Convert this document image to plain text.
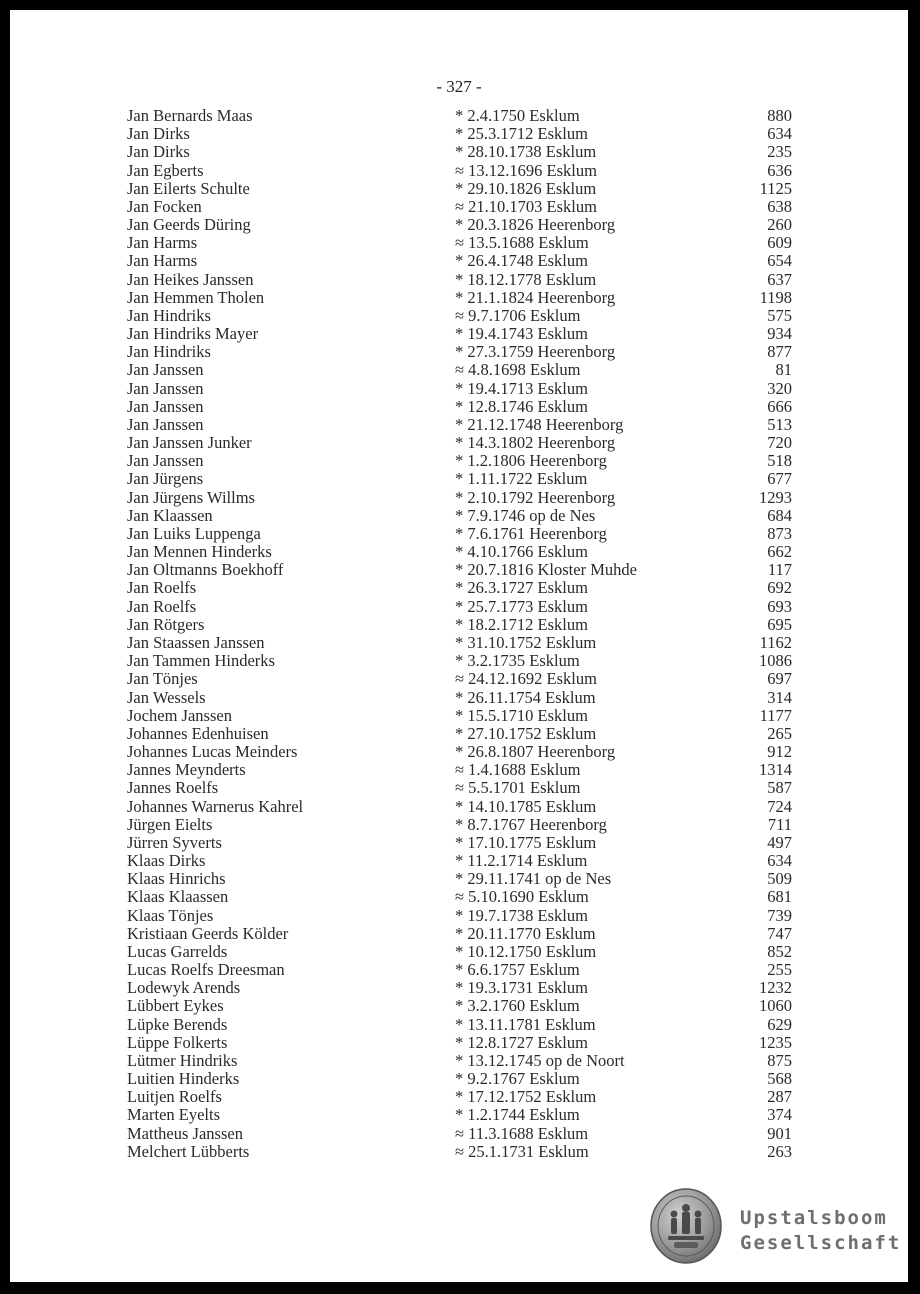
- 327 -
Jan Bernards Maas	* 2.4.1750 Esklum	880
Jan Dirks	* 25.3.1712 Esklum	634
Jan Dirks	* 28.10.1738 Esklum	235
Jan Egberts	≈ 13.12.1696 Esklum	636
Jan Eilerts Schulte	* 29.10.1826 Esklum	1125
Jan Focken	≈ 21.10.1703 Esklum	638
Jan Geerds Düring	* 20.3.1826 Heerenborg	260
Jan Harms	≈ 13.5.1688 Esklum	609
Jan Harms	* 26.4.1748 Esklum	654
Jan Heikes Janssen	* 18.12.1778 Esklum	637
Jan Hemmen Tholen	* 21.1.1824 Heerenborg	1198
Jan Hindriks	≈ 9.7.1706 Esklum	575
Jan Hindriks Mayer	* 19.4.1743 Esklum	934
Jan Hindriks	* 27.3.1759 Heerenborg	877
Jan Janssen	≈ 4.8.1698 Esklum	81
Jan Janssen	* 19.4.1713 Esklum	320
Jan Janssen	* 12.8.1746 Esklum	666
Jan Janssen	* 21.12.1748 Heerenborg	513
Jan Janssen Junker	* 14.3.1802 Heerenborg	720
Jan Janssen	* 1.2.1806 Heerenborg	518
Jan Jürgens	* 1.11.1722 Esklum	677
Jan Jürgens Willms	* 2.10.1792 Heerenborg	1293
Jan Klaassen	* 7.9.1746 op de Nes	684
Jan Luiks Luppenga	* 7.6.1761 Heerenborg	873
Jan Mennen Hinderks	* 4.10.1766 Esklum	662
Jan Oltmanns Boekhoff	* 20.7.1816 Kloster Muhde	117
Jan Roelfs	* 26.3.1727 Esklum	692
Jan Roelfs	* 25.7.1773 Esklum	693
Jan Rötgers	* 18.2.1712 Esklum	695
Jan Staassen Janssen	* 31.10.1752 Esklum	1162
Jan Tammen Hinderks	* 3.2.1735 Esklum	1086
Jan Tönjes	≈ 24.12.1692 Esklum	697
Jan Wessels	* 26.11.1754 Esklum	314
Jochem Janssen	* 15.5.1710 Esklum	1177
Johannes Edenhuisen	* 27.10.1752 Esklum	265
Johannes Lucas Meinders	* 26.8.1807 Heerenborg	912
Jannes Meynderts	≈ 1.4.1688 Esklum	1314
Jannes Roelfs	≈ 5.5.1701 Esklum	587
Johannes Warnerus Kahrel	* 14.10.1785 Esklum	724
Jürgen Eielts	* 8.7.1767 Heerenborg	711
Jürren Syverts	* 17.10.1775 Esklum	497
Klaas Dirks	* 11.2.1714 Esklum	634
Klaas Hinrichs	* 29.11.1741 op de Nes	509
Klaas Klaassen	≈ 5.10.1690 Esklum	681
Klaas Tönjes	* 19.7.1738 Esklum	739
Kristiaan Geerds Kölder	* 20.11.1770 Esklum	747
Lucas Garrelds	* 10.12.1750 Esklum	852
Lucas Roelfs Dreesman	* 6.6.1757 Esklum	255
Lodewyk Arends	* 19.3.1731 Esklum	1232
Lübbert Eykes	* 3.2.1760 Esklum	1060
Lüpke Berends	* 13.11.1781 Esklum	629
Lüppe Folkerts	* 12.8.1727 Esklum	1235
Lütmer Hindriks	* 13.12.1745 op de Noort	875
Luitien Hinderks	* 9.2.1767 Esklum	568
Luitjen Roelfs	* 17.12.1752 Esklum	287
Marten Eyelts	* 1.2.1744 Esklum	374
Mattheus Janssen	≈ 11.3.1688 Esklum	901
Melchert Lübberts	≈ 25.1.1731 Esklum	263
Upstalsboom
Gesellschaft
